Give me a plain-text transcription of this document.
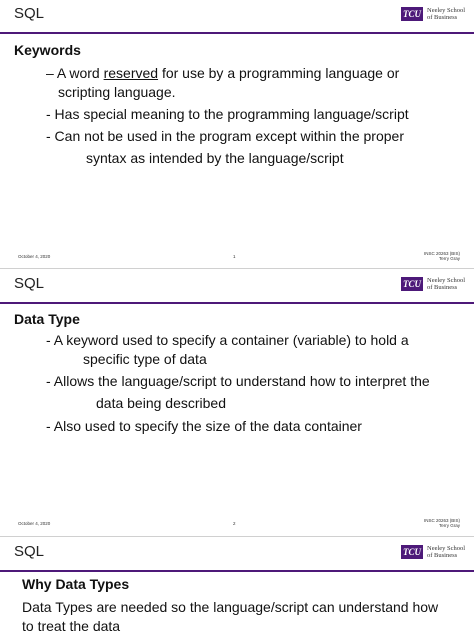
SQL	TCU Neeley School
of Business
Keywords
– A word reserved for use by a programming language or
scripting language.
- Has special meaning to the programming language/script
- Can not be used in the program except within the proper
syntax as intended by the language/script
October 4, 2020	1
INSC 20263 (BIS)
Terry Gray
SQL	TCU Neeley School
of Business
Data Type
- A keyword used to specify a container (variable) to hold a
specific type of data
- Allows the language/script to understand how to interpret the
data being described
- Also used to specify the size of the data container
October 4, 2020	2
INSC 20263 (BIS)
Terry Gray
SQL	TCU Neeley School
of Business
Why Data Types
Data Types are needed so the language/script can understand how
to treat the data
